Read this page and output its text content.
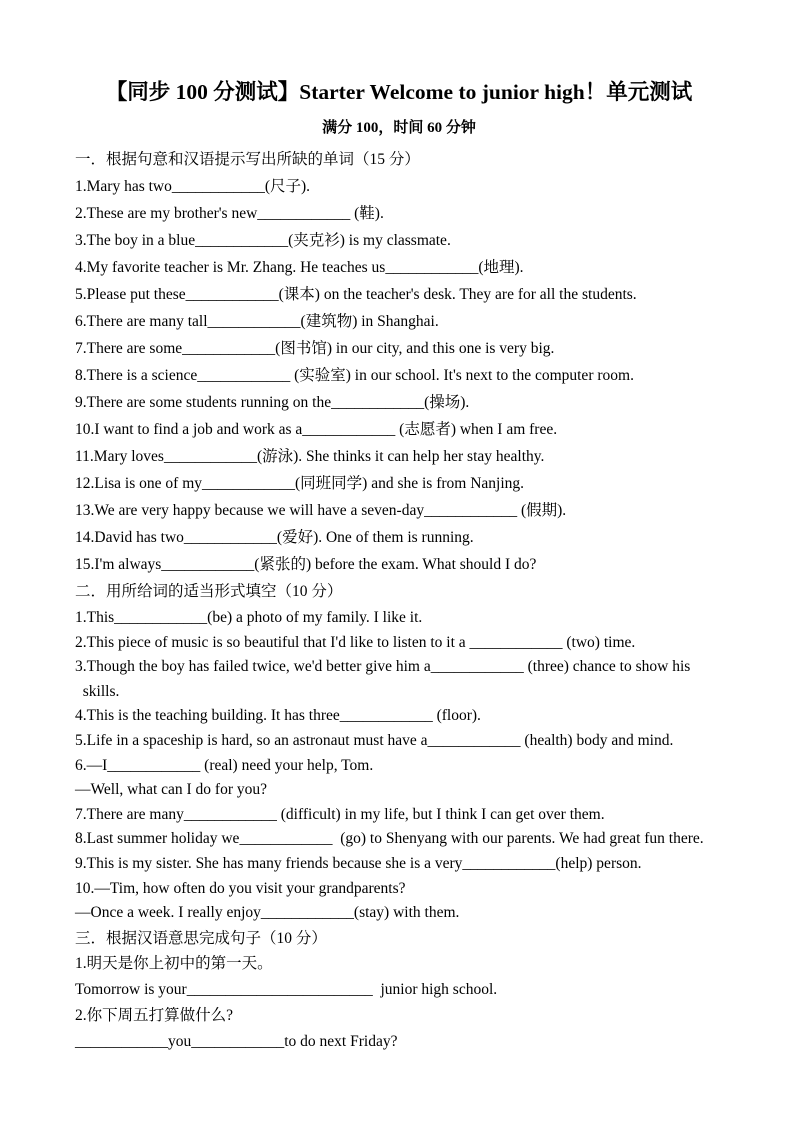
【同步 100 分测试】Starter Welcome to junior high！单元测试

满分 100，时间 60 分钟

一．根据句意和汉语提示写出所缺的单词（15 分）

1.Mary has two____________(尺子).

2.These are my brother's new____________ (鞋).

3.The boy in a blue____________(夹克衫) is my classmate.

4.My favorite teacher is Mr. Zhang. He teaches us____________(地理).

5.Please put these____________(课本) on the teacher's desk. They are for all the students.

6.There are many tall____________(建筑物) in Shanghai.

7.There are some____________(图书馆) in our city, and this one is very big.

8.There is a science____________ (实验室) in our school. It's next to the computer room.

9.There are some students running on the____________(操场).

10.I want to find a job and work as a____________ (志愿者) when I am free.

11.Mary loves____________(游泳). She thinks it can help her stay healthy.

12.Lisa is one of my____________(同班同学) and she is from Nanjing.

13.We are very happy because we will have a seven-day____________ (假期).

14.David has two____________(爱好). One of them is running.

15.I'm always____________(紧张的) before the exam. What should I do?

二．用所给词的适当形式填空（10 分）

1.This____________(be) a photo of my family. I like it.

2.This piece of music is so beautiful that I'd like to listen to it a ____________ (two) time.

3.Though the boy has failed twice, we'd better give him a____________ (three) chance to show his

skills.

4.This is the teaching building. It has three____________ (floor).

5.Life in a spaceship is hard, so an astronaut must have a____________ (health) body and mind.

6.—I____________ (real) need your help, Tom.

—Well, what can I do for you?

7.There are many____________ (difficult) in my life, but I think I can get over them.

8.Last summer holiday we____________  (go) to Shenyang with our parents. We had great fun there.

9.This is my sister. She has many friends because she is a very____________(help) person.

10.—Tim, how often do you visit your grandparents?

—Once a week. I really enjoy____________(stay) with them.

三．根据汉语意思完成句子（10 分）

1.明天是你上初中的第一天。

Tomorrow is your________________________  junior high school.

2.你下周五打算做什么?

____________you____________to do next Friday?
